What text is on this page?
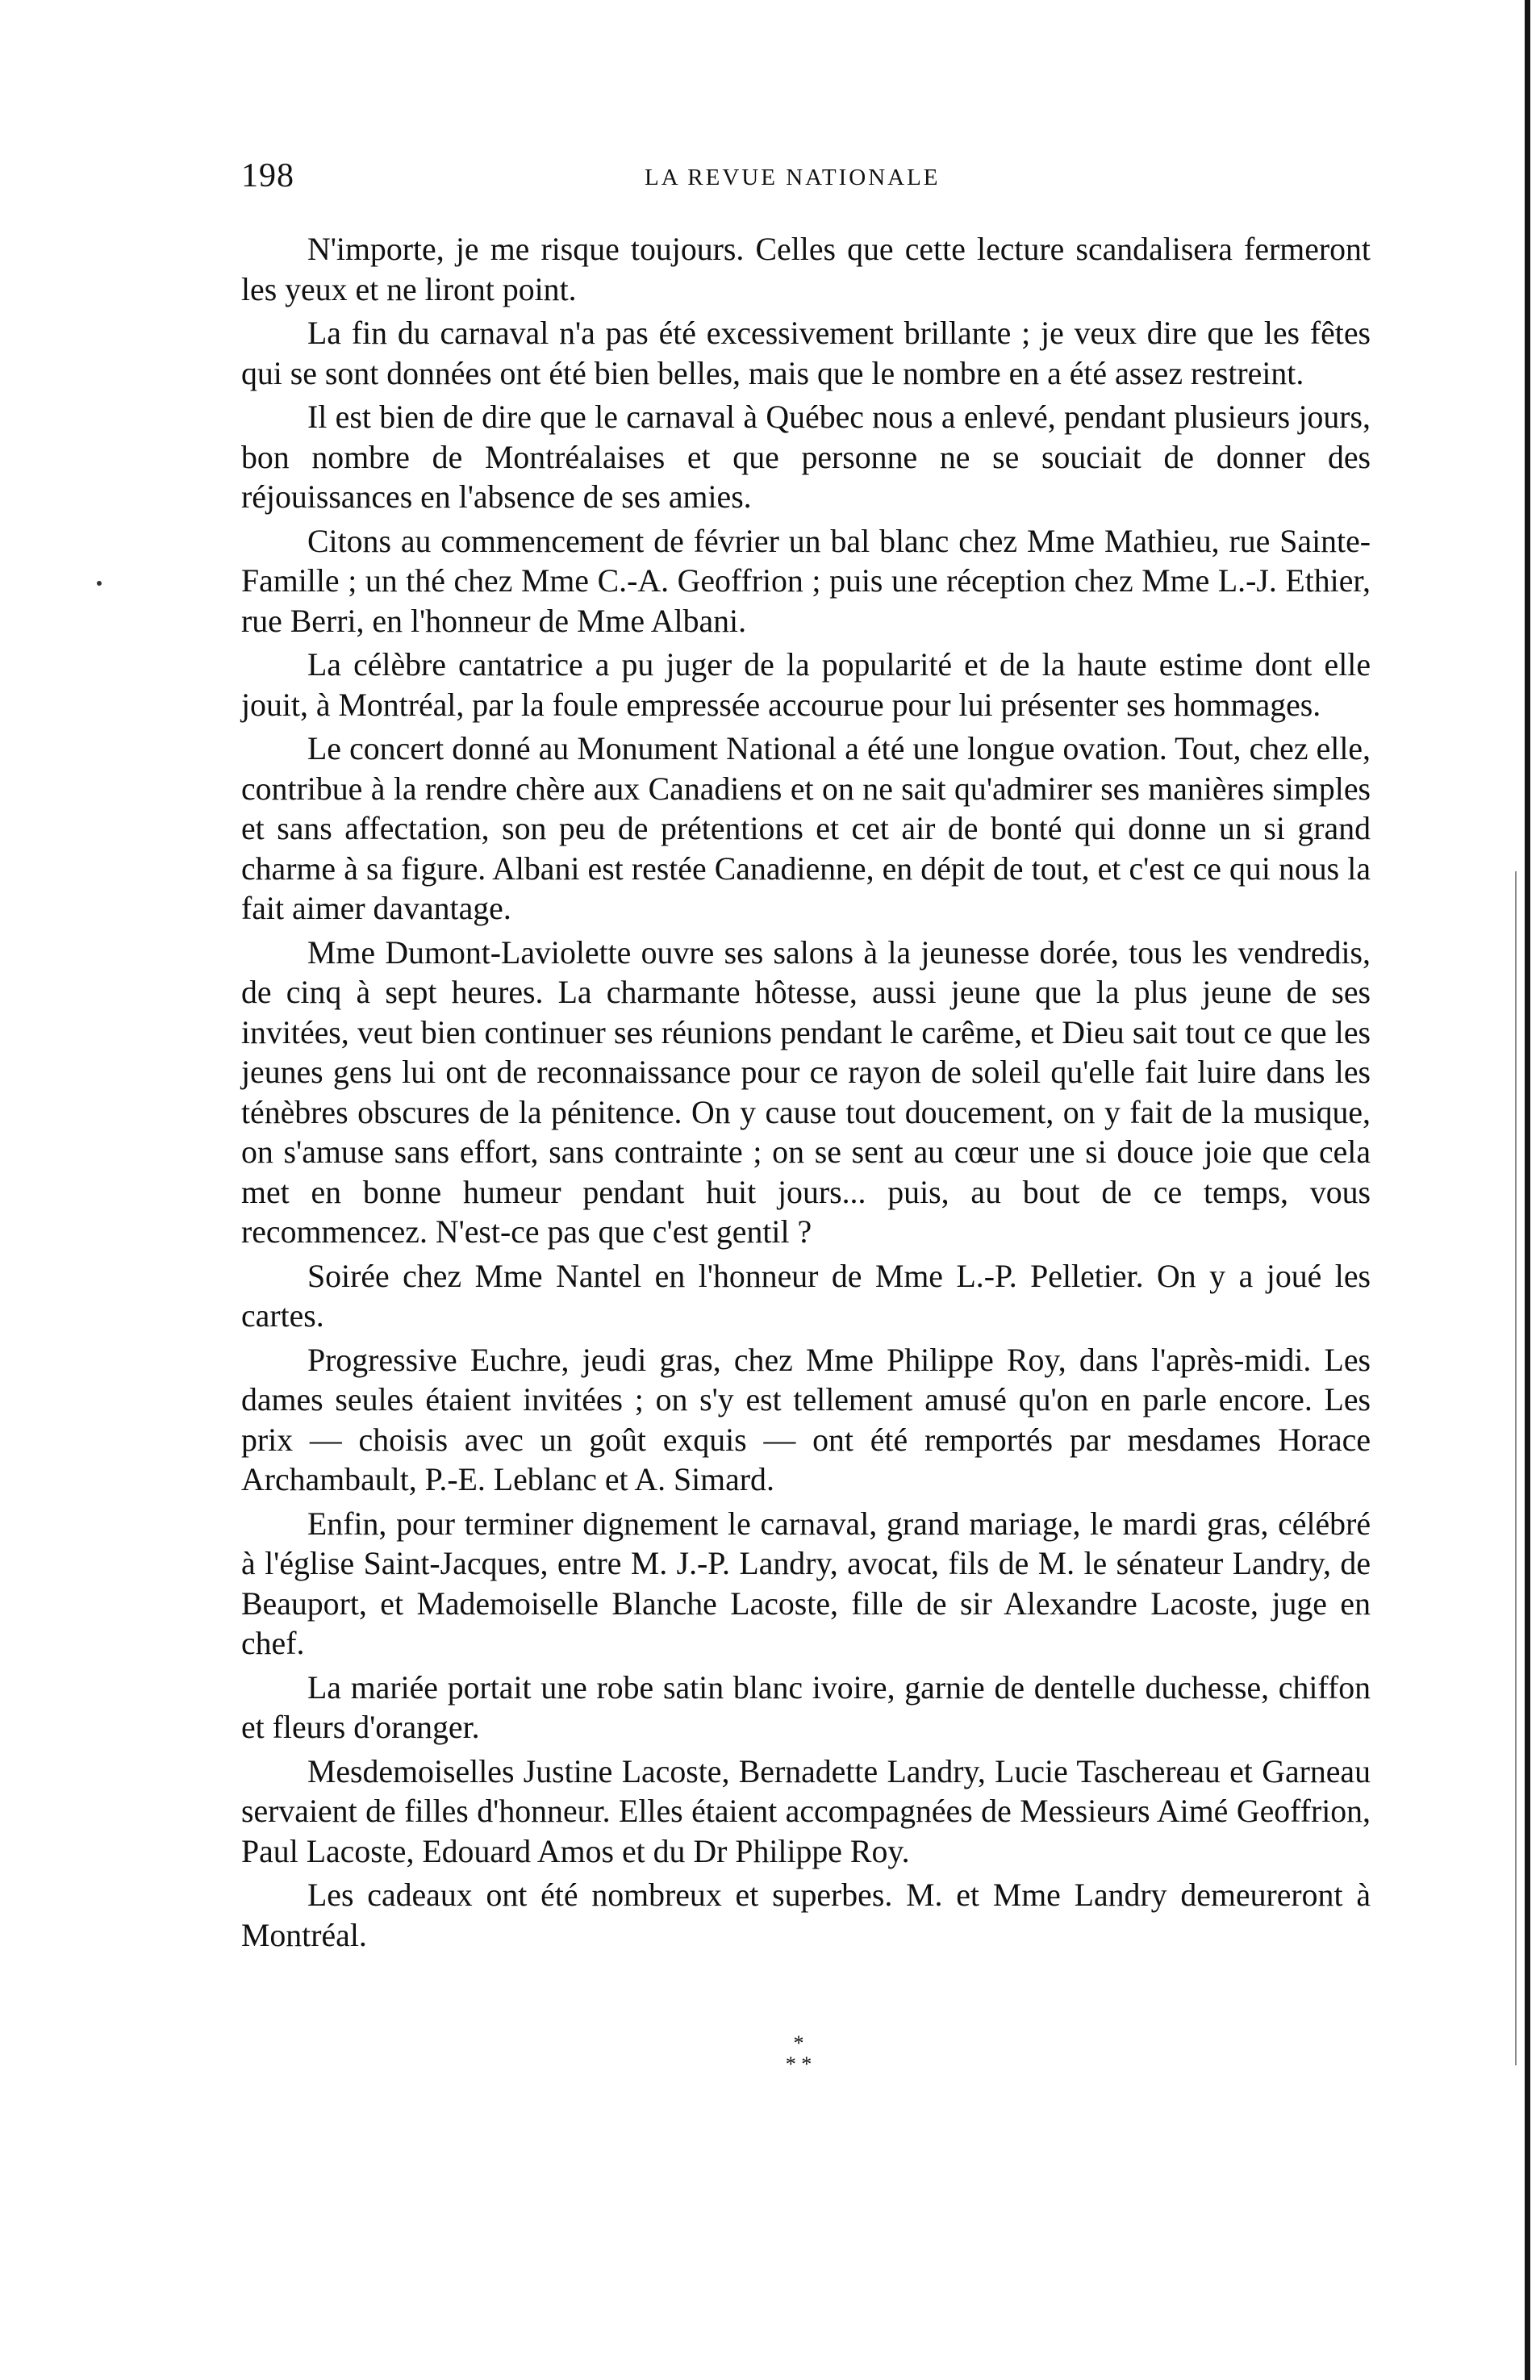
198	LA REVUE NATIONALE

N'importe, je me risque toujours. Celles que cette lecture scandalisera fermeront les yeux et ne liront point.

La fin du carnaval n'a pas été excessivement brillante ; je veux dire que les fêtes qui se sont données ont été bien belles, mais que le nombre en a été assez restreint.

Il est bien de dire que le carnaval à Québec nous a enlevé, pendant plusieurs jours, bon nombre de Montréalaises et que personne ne se souciait de donner des réjouissances en l'absence de ses amies.

Citons au commencement de février un bal blanc chez Mme Mathieu, rue Sainte-Famille ; un thé chez Mme C.-A. Geoffrion ; puis une réception chez Mme L.-J. Ethier, rue Berri, en l'honneur de Mme Albani.

La célèbre cantatrice a pu juger de la popularité et de la haute estime dont elle jouit, à Montréal, par la foule empressée accourue pour lui présenter ses hommages.

Le concert donné au Monument National a été une longue ovation. Tout, chez elle, contribue à la rendre chère aux Canadiens et on ne sait qu'admirer ses manières simples et sans affectation, son peu de prétentions et cet air de bonté qui donne un si grand charme à sa figure. Albani est restée Canadienne, en dépit de tout, et c'est ce qui nous la fait aimer davantage.

Mme Dumont-Laviolette ouvre ses salons à la jeunesse dorée, tous les vendredis, de cinq à sept heures. La charmante hôtesse, aussi jeune que la plus jeune de ses invitées, veut bien continuer ses réunions pendant le carême, et Dieu sait tout ce que les jeunes gens lui ont de reconnaissance pour ce rayon de soleil qu'elle fait luire dans les ténèbres obscures de la pénitence. On y cause tout doucement, on y fait de la musique, on s'amuse sans effort, sans contrainte ; on se sent au cœur une si douce joie que cela met en bonne humeur pendant huit jours... puis, au bout de ce temps, vous recommencez. N'est-ce pas que c'est gentil ?

Soirée chez Mme Nantel en l'honneur de Mme L.-P. Pelletier. On y a joué les cartes.

Progressive Euchre, jeudi gras, chez Mme Philippe Roy, dans l'après-midi. Les dames seules étaient invitées ; on s'y est tellement amusé qu'on en parle encore. Les prix — choisis avec un goût exquis — ont été remportés par mesdames Horace Archambault, P.-E. Leblanc et A. Simard.

Enfin, pour terminer dignement le carnaval, grand mariage, le mardi gras, célébré à l'église Saint-Jacques, entre M. J.-P. Landry, avocat, fils de M. le sénateur Landry, de Beauport, et Mademoiselle Blanche Lacoste, fille de sir Alexandre Lacoste, juge en chef.

La mariée portait une robe satin blanc ivoire, garnie de dentelle duchesse, chiffon et fleurs d'oranger.

Mesdemoiselles Justine Lacoste, Bernadette Landry, Lucie Taschereau et Garneau servaient de filles d'honneur. Elles étaient accompagnées de Messieurs Aimé Geoffrion, Paul Lacoste, Edouard Amos et du Dr Philippe Roy.

Les cadeaux ont été nombreux et superbes. M. et Mme Landry demeureront à Montréal.

*
* *
